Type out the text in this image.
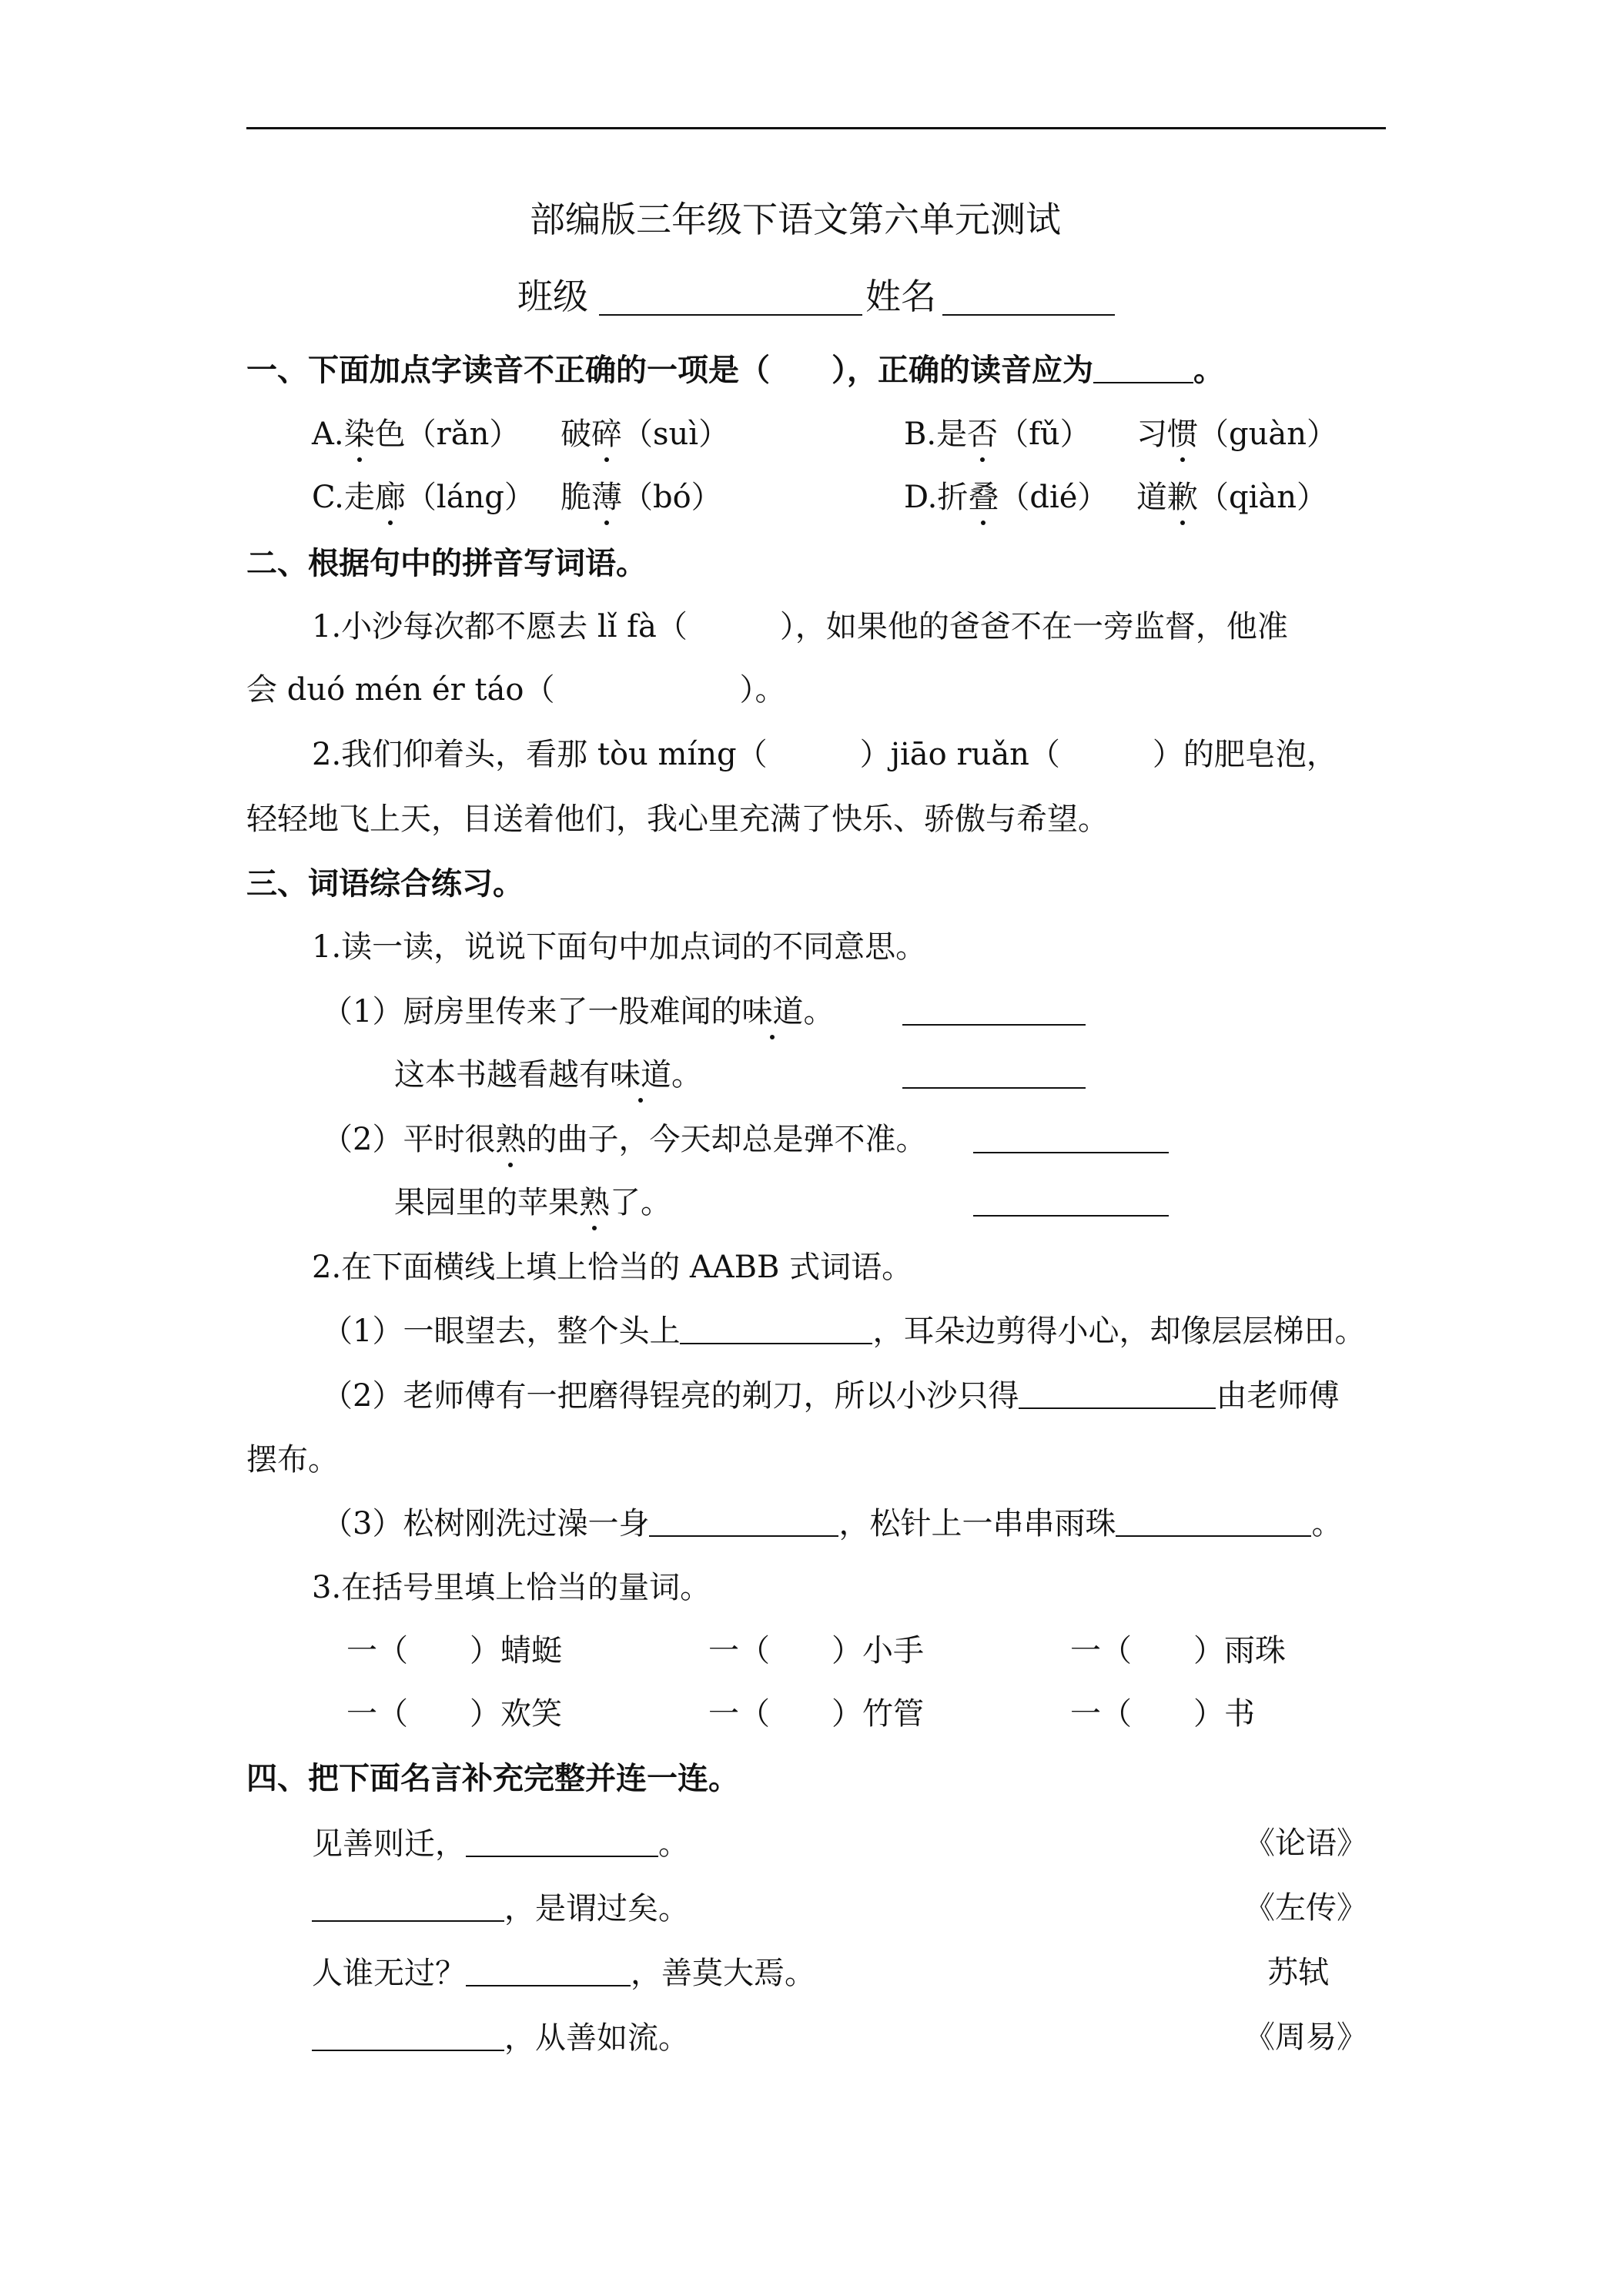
部编版三年级下语文第六单元测试
班级	姓名
一、下面加点字读音不正确的一项是（ ），正确的读音应为	。
A.染色（rǎn） 破碎（suì）	B.是否（fǔ） 习惯（guàn）
C.走廊（láng） 脆薄（bó）	D.折叠（dié） 道歉（qiàn）
二、根据句中的拼音写词语。
1.小沙每次都不愿去 lǐ fà（　　　），如果他的爸爸不在一旁监督，他准
会 duó mén ér táo（　　　　　　）。
2.我们仰着头，看那 tòu míng（　　　）jiāo ruǎn（　　　）的肥皂泡，
轻轻地飞上天，目送着他们，我心里充满了快乐、骄傲与希望。
三、词语综合练习。
1.读一读，说说下面句中加点词的不同意思。
（1）厨房里传来了一股难闻的味道。
这本书越看越有味道。
（2）平时很熟的曲子，今天却总是弹不准。
果园里的苹果熟了。
2.在下面横线上填上恰当的 AABB 式词语。
（1）一眼望去，整个头上	，耳朵边剪得小心，却像层层梯田。
（2）老师傅有一把磨得锃亮的剃刀，所以小沙只得	由老师傅
摆布。
（3）松树刚洗过澡一身	，松针上一串串雨珠	。
3.在括号里填上恰当的量词。
一（　　）蜻蜓	一（　　）小手	一（　　）雨珠
一（　　）欢笑	一（　　）竹管	一（　　）书
四、把下面名言补充完整并连一连。
见善则迁，	。	《论语》
，是谓过矣。	《左传》
人谁无过？	，善莫大焉。	苏轼
，从善如流。	《周易》
